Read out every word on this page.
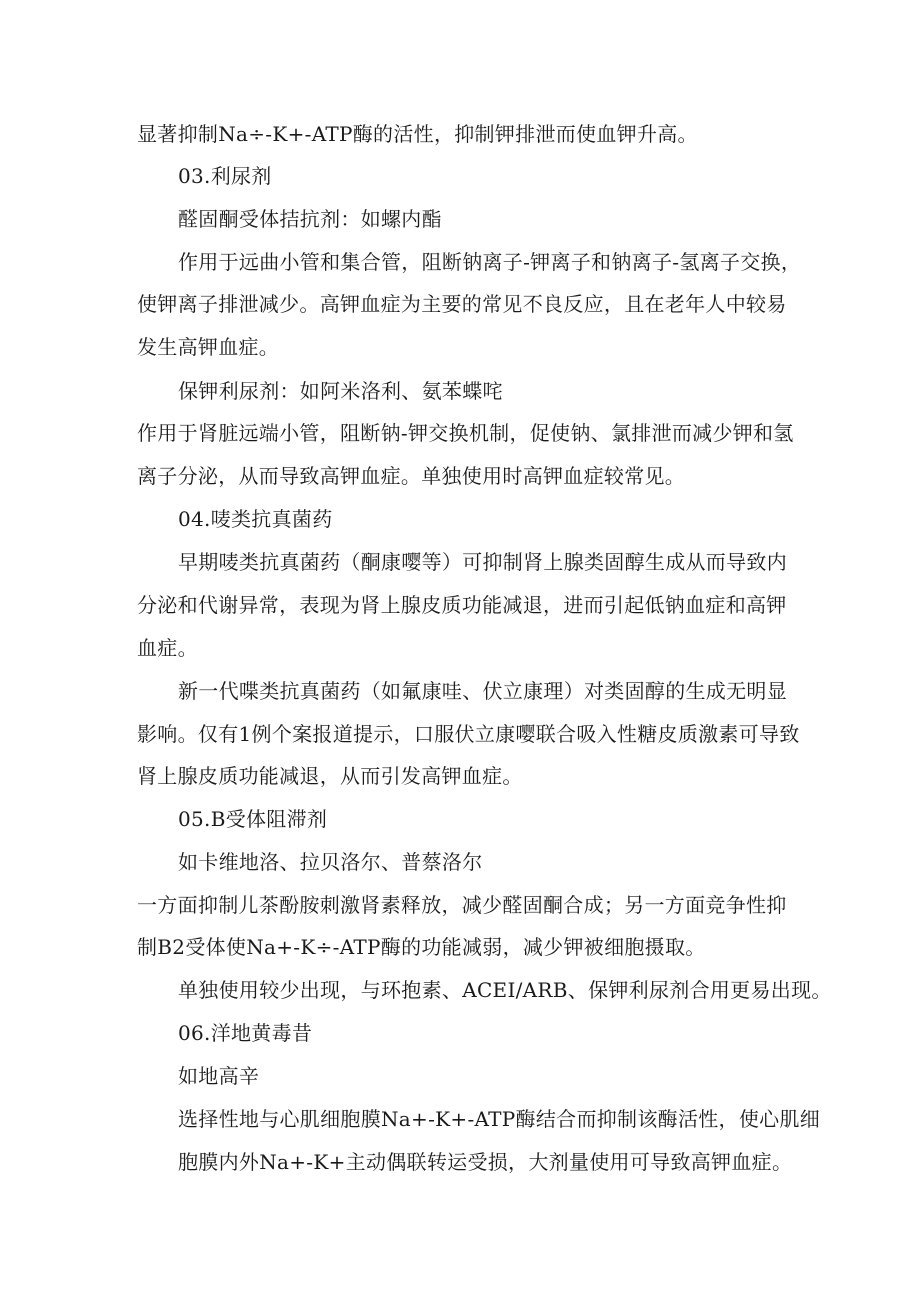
显著抑制Na÷-K+-ATP酶的活性，抑制钾排泄而使血钾升高。

03.利尿剂

醛固酮受体拮抗剂：如螺内酯

作用于远曲小管和集合管，阻断钠离子-钾离子和钠离子-氢离子交换，

使钾离子排泄减少。高钾血症为主要的常见不良反应，且在老年人中较易

发生高钾血症。

保钾利尿剂：如阿米洛利、氨苯蝶咤

作用于肾脏远端小管，阻断钠-钾交换机制，促使钠、氯排泄而减少钾和氢

离子分泌，从而导致高钾血症。单独使用时高钾血症较常见。

04.唛类抗真菌药

早期唛类抗真菌药（酮康嘤等）可抑制肾上腺类固醇生成从而导致内

分泌和代谢异常，表现为肾上腺皮质功能减退，进而引起低钠血症和高钾

血症。

新一代喋类抗真菌药（如氟康哇、伏立康理）对类固醇的生成无明显

影响。仅有1例个案报道提示，口服伏立康嘤联合吸入性糖皮质激素可导致

肾上腺皮质功能减退，从而引发高钾血症。

05.B受体阻滞剂

如卡维地洛、拉贝洛尔、普蔡洛尔

一方面抑制儿茶酚胺刺激肾素释放，减少醛固酮合成；另一方面竞争性抑

制B2受体使Na+-K÷-ATP酶的功能减弱，减少钾被细胞摄取。

单独使用较少出现，与环抱素、ACEI/ARB、保钾利尿剂合用更易出现。

06.洋地黄毒昔

如地高辛

选择性地与心肌细胞膜Na+-K+-ATP酶结合而抑制该酶活性，使心肌细

胞膜内外Na+-K+主动偶联转运受损，大剂量使用可导致高钾血症。
